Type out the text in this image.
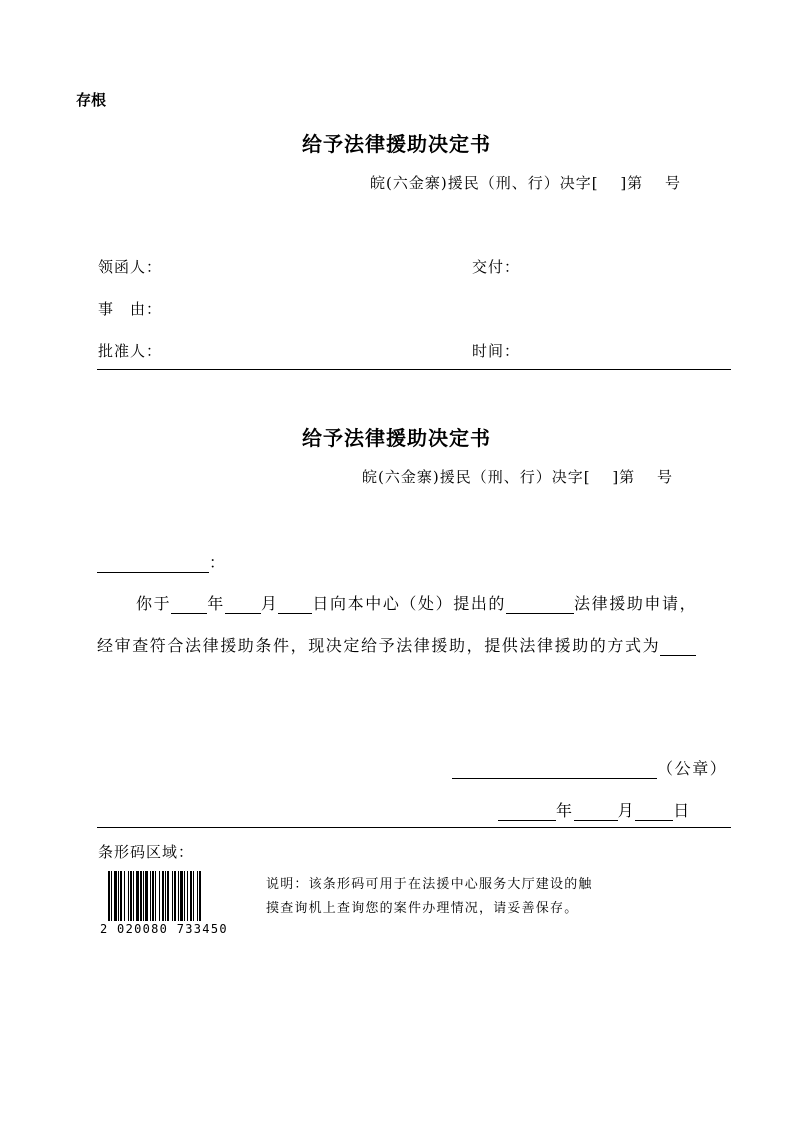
存根
给予法律援助决定书
皖(六金寨)援民（刑、行）决字[　 ]第　 号
领函人：	交付：
事　由：
批准人：	时间：
给予法律援助决定书
皖(六金寨)援民（刑、行）决字[　 ]第　 号
：
你于 年 月 日向本中心（处）提出的	法律援助申请，
经审查符合法律援助条件，现决定给予法律援助，提供法律援助的方式为
（公章）
年	月 日
条形码区域：
2 020080 733450
说明：该条形码可用于在法援中心服务大厅建设的触
摸查询机上查询您的案件办理情况，请妥善保存。
